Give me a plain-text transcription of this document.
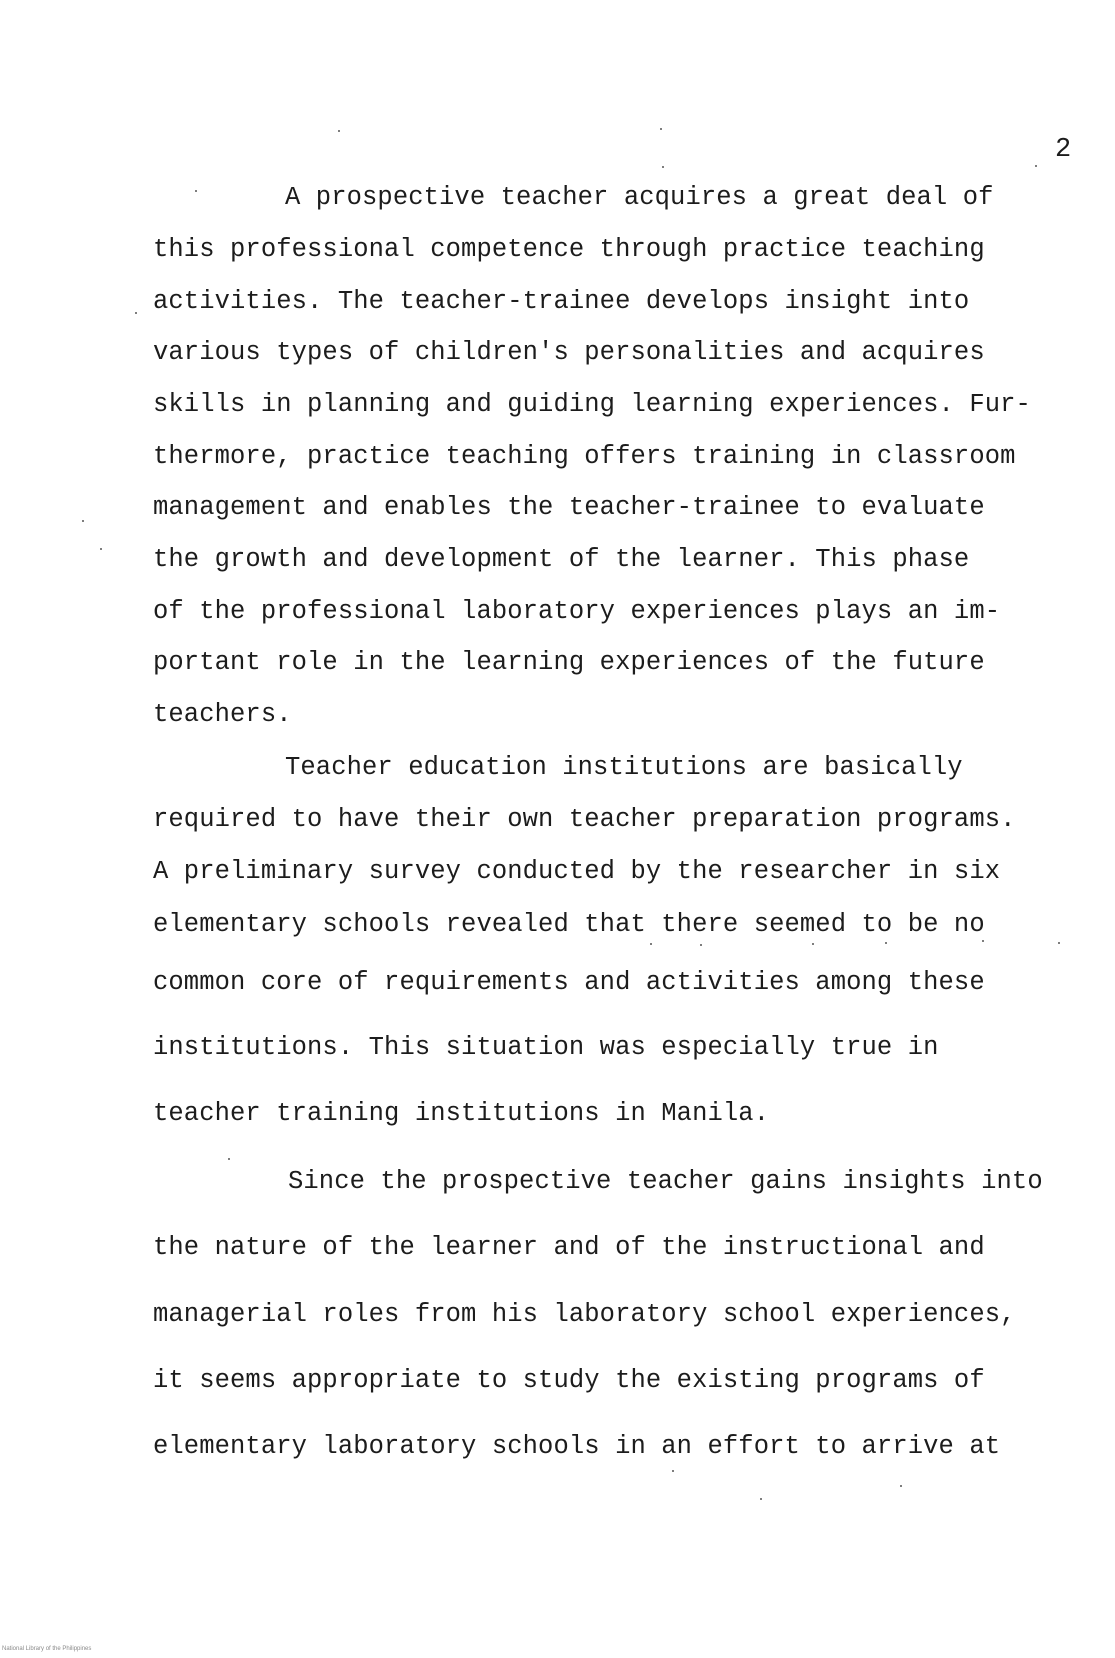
2
A prospective teacher acquires a great deal of
this professional competence through practice teaching
activities. The teacher-trainee develops insight into
various types of children's personalities and acquires
skills in planning and guiding learning experiences. Fur-
thermore, practice teaching offers training in classroom
management and enables the teacher-trainee to evaluate
the growth and development of the learner. This phase
of the professional laboratory experiences plays an im-
portant role in the learning experiences of the future
teachers.
Teacher education institutions are basically
required to have their own teacher preparation programs.
A preliminary survey conducted by the researcher in six
elementary schools revealed that there seemed to be no
common core of requirements and activities among these
institutions. This situation was especially true in
teacher training institutions in Manila.
Since the prospective teacher gains insights into
the nature of the learner and of the instructional and
managerial roles from his laboratory school experiences,
it seems appropriate to study the existing programs of
elementary laboratory schools in an effort to arrive at
National Library of the Philippines
